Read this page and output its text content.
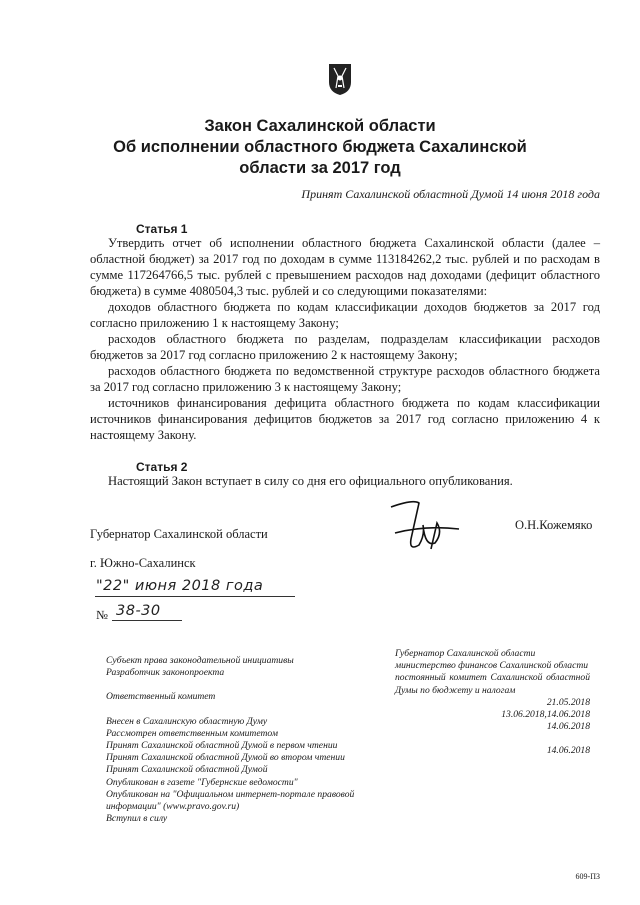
Закон Сахалинской области
Об исполнении областного бюджета Сахалинской
области за 2017 год
Принят Сахалинской областной Думой 14 июня 2018 года
Статья 1

Утвердить отчет об исполнении областного бюджета Сахалинской области (далее – областной бюджет) за 2017 год по доходам в сумме 113184262,2 тыс. рублей и по расходам в сумме 117264766,5 тыс. рублей с превышением расходов над доходами (дефицит областного бюджета) в сумме 4080504,3 тыс. рублей и со следующими показателями:

доходов областного бюджета по кодам классификации доходов бюджетов за 2017 год согласно приложению 1 к настоящему Закону;

расходов областного бюджета по разделам, подразделам классификации расходов бюджетов за 2017 год согласно приложению 2 к настоящему Закону;

расходов областного бюджета по ведомственной структуре расходов областного бюджета за 2017 год согласно приложению 3 к настоящему Закону;

источников финансирования дефицита областного бюджета по кодам классификации источников финансирования дефицитов бюджетов за 2017 год согласно приложению 4 к настоящему Закону.

Статья 2

Настоящий Закон вступает в силу со дня его официального опубликования.

Губернатор Сахалинской области
О.Н.Кожемяко
г. Южно-Сахалинск
"22" июня 2018 года
№ 38-30
Субъект права законодательной инициативы
Разработчик законопроекта
Ответственный комитет
Внесен в Сахалинскую областную Думу
Рассмотрен ответственным комитетом
Принят Сахалинской областной Думой в первом чтении
Принят Сахалинской областной Думой во втором чтении
Принят Сахалинской областной Думой
Опубликован в газете "Губернские ведомости"
Опубликован на "Официальном интернет-портале правовой информации" (www.pravo.gov.ru)
Вступил в силу
Губернатор Сахалинской области
министерство финансов Сахалинской области
постоянный комитет Сахалинской областной Думы по бюджету и налогам
21.05.2018
13.06.2018,14.06.2018
14.06.2018
14.06.2018
609-ПЗ
